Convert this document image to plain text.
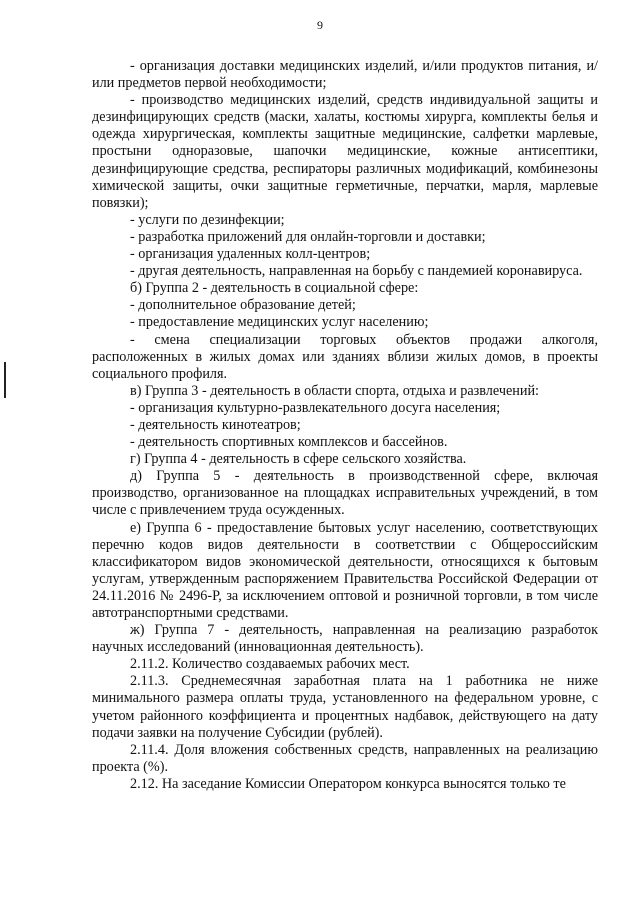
9

- организация доставки медицинских изделий, и/или продуктов питания, и/или предметов первой необходимости;

- производство медицинских изделий, средств индивидуальной защиты и дезинфицирующих средств (маски, халаты, костюмы хирурга, комплекты белья и одежда хирургическая, комплекты защитные медицинские, салфетки марлевые, простыни одноразовые, шапочки медицинские, кожные антисептики, дезинфицирующие средства, респираторы различных модификаций, комбинезоны химической защиты, очки защитные герметичные, перчатки, марля, марлевые повязки);

- услуги по дезинфекции;

- разработка приложений для онлайн-торговли и доставки;

- организация удаленных колл-центров;

- другая деятельность, направленная на борьбу с пандемией коронавируса.

б) Группа 2 - деятельность в социальной сфере:

- дополнительное образование детей;

- предоставление медицинских услуг населению;

- смена специализации торговых объектов продажи алкоголя, расположенных в жилых домах или зданиях вблизи жилых домов, в проекты социального профиля.

в) Группа 3 - деятельность в области спорта, отдыха и развлечений:

- организация культурно-развлекательного досуга населения;

- деятельность кинотеатров;

- деятельность спортивных комплексов и бассейнов.

г) Группа 4 - деятельность в сфере сельского хозяйства.

д) Группа 5 - деятельность в производственной сфере, включая производство, организованное на площадках исправительных учреждений, в том числе с привлечением труда осужденных.

е) Группа 6 - предоставление бытовых услуг населению, соответствующих перечню кодов видов деятельности в соответствии с Общероссийским классификатором видов экономической деятельности, относящихся к бытовым услугам, утвержденным распоряжением Правительства Российской Федерации от 24.11.2016 № 2496-Р, за исключением оптовой и розничной торговли, в том числе автотранспортными средствами.

ж) Группа 7 - деятельность, направленная на реализацию разработок научных исследований (инновационная деятельность).

2.11.2. Количество создаваемых рабочих мест.

2.11.3. Среднемесячная заработная плата на 1 работника не ниже минимального размера оплаты труда, установленного на федеральном уровне, с учетом районного коэффициента и процентных надбавок, действующего на дату подачи заявки на получение Субсидии (рублей).

2.11.4. Доля вложения собственных средств, направленных на реализацию проекта (%).

2.12. На заседание Комиссии Оператором конкурса выносятся только те
